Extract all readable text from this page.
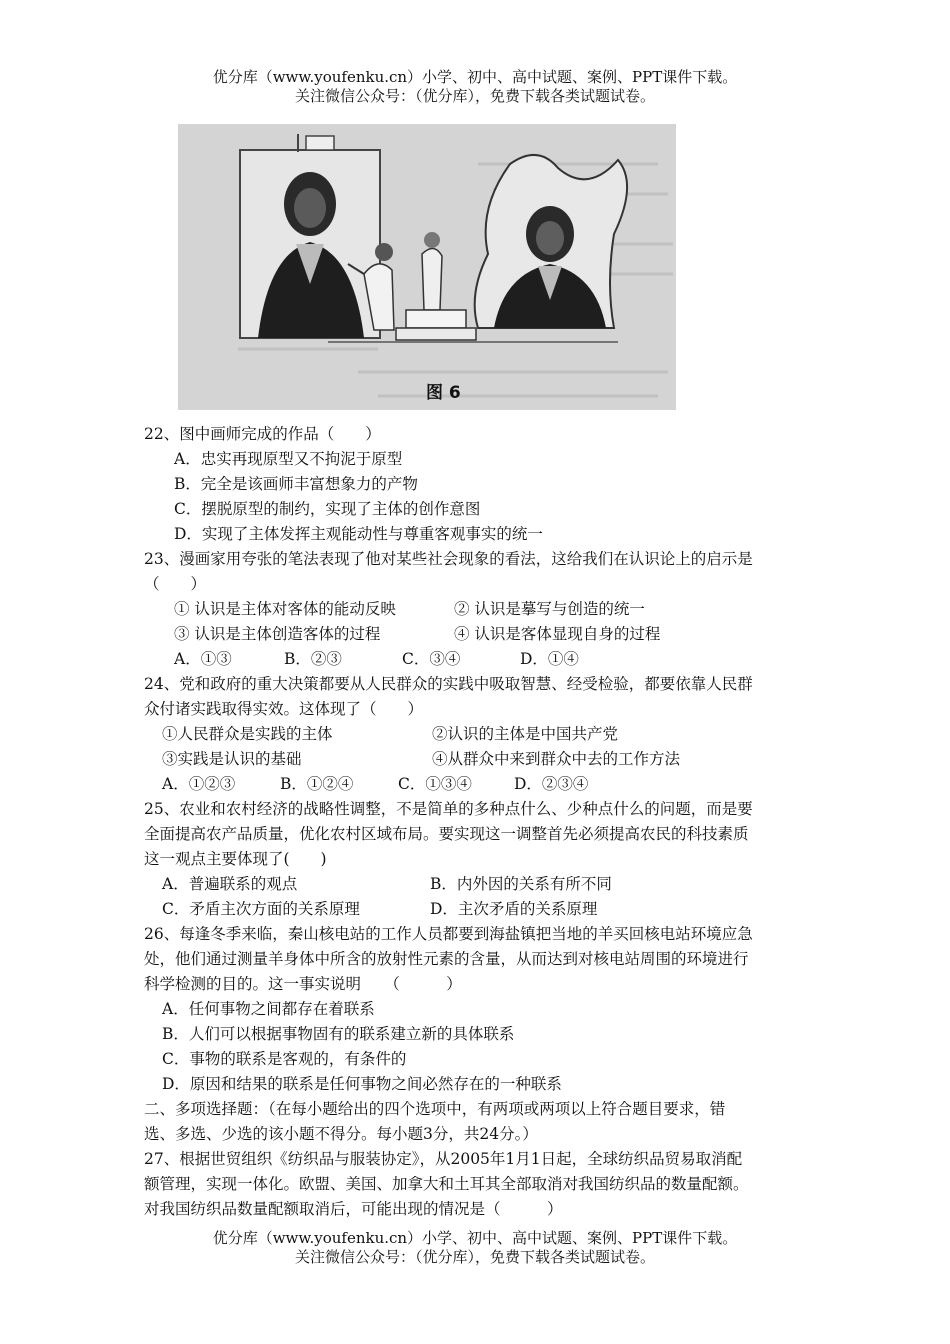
优分库（www.youfenku.cn）小学、初中、高中试题、案例、PPT课件下载。
关注微信公众号：（优分库），免费下载各类试题试卷。
图 6
22、图中画师完成的作品（　　）
A．忠实再现原型又不拘泥于原型
B．完全是该画师丰富想象力的产物
C．摆脱原型的制约，实现了主体的创作意图
D．实现了主体发挥主观能动性与尊重客观事实的统一
23、漫画家用夸张的笔法表现了他对某些社会现象的看法，这给我们在认识论上的启示是
（　　）
① 认识是主体对客体的能动反映	② 认识是摹写与创造的统一
③ 认识是主体创造客体的过程	④ 认识是客体显现自身的过程
A．①③	B．②③	C．③④	D．①④
24、党和政府的重大决策都要从人民群众的实践中吸取智慧、经受检验，都要依靠人民群
众付诸实践取得实效。这体现了（　　）
①人民群众是实践的主体	②认识的主体是中国共产党
③实践是认识的基础	④从群众中来到群众中去的工作方法
A．①②③	B．①②④	C．①③④	D．②③④
25、农业和农村经济的战略性调整，不是简单的多种点什么、少种点什么的问题，而是要
全面提高农产品质量，优化农村区域布局。要实现这一调整首先必须提高农民的科技素质
这一观点主要体现了(　　)
A．普遍联系的观点	B．内外因的关系有所不同
C．矛盾主次方面的关系原理	D．主次矛盾的关系原理
26、每逢冬季来临，秦山核电站的工作人员都要到海盐镇把当地的羊买回核电站环境应急
处，他们通过测量羊身体中所含的放射性元素的含量，从而达到对核电站周围的环境进行
科学检测的目的。这一事实说明　　（　　　）
A．任何事物之间都存在着联系
B．人们可以根据事物固有的联系建立新的具体联系
C．事物的联系是客观的，有条件的
D．原因和结果的联系是任何事物之间必然存在的一种联系
二、多项选择题：（在每小题给出的四个选项中，有两项或两项以上符合题目要求，错
选、多选、少选的该小题不得分。每小题3分，共24分。）
27、根据世贸组织《纺织品与服装协定》，从2005年1月1日起，全球纺织品贸易取消配
额管理，实现一体化。欧盟、美国、加拿大和土耳其全部取消对我国纺织品的数量配额。
对我国纺织品数量配额取消后，可能出现的情况是（　　　）
优分库（www.youfenku.cn）小学、初中、高中试题、案例、PPT课件下载。
关注微信公众号：（优分库），免费下载各类试题试卷。
